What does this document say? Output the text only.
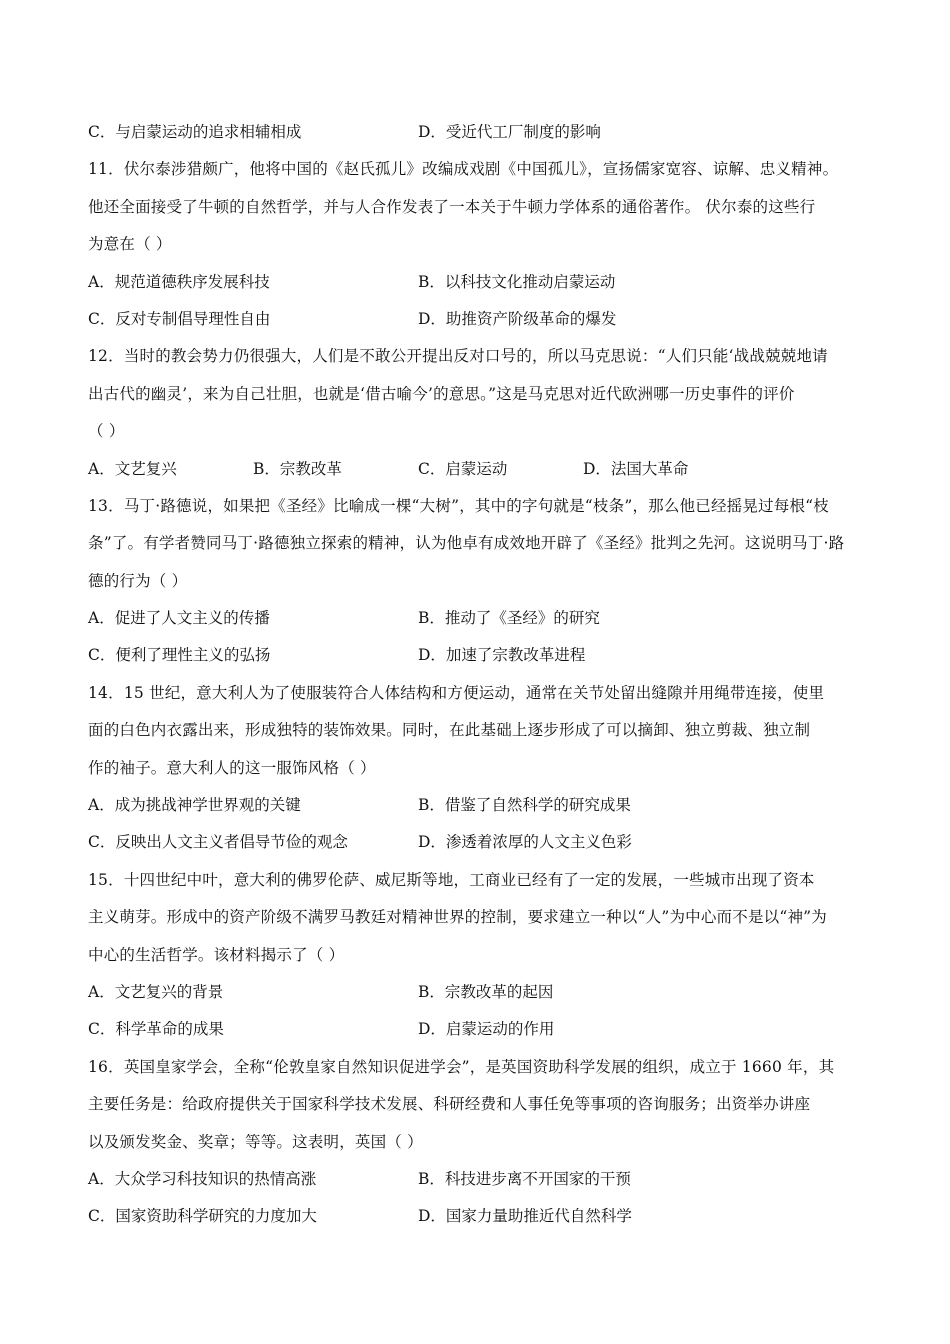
C．与启蒙运动的追求相辅相成	D．受近代工厂制度的影响
11．伏尔泰涉猎颇广，他将中国的《赵氏孤儿》改编成戏剧《中国孤儿》，宣扬儒家宽容、谅解、忠义精神。
他还全面接受了牛顿的自然哲学，并与人合作发表了一本关于牛顿力学体系的通俗著作。 伏尔泰的这些行
为意在（ ）
A．规范道德秩序发展科技	B．以科技文化推动启蒙运动
C．反对专制倡导理性自由	D．助推资产阶级革命的爆发
12．当时的教会势力仍很强大，人们是不敢公开提出反对口号的，所以马克思说：“人们只能‘战战兢兢地请
出古代的幽灵’，来为自己壮胆，也就是‘借古喻今’的意思。”这是马克思对近代欧洲哪一历史事件的评价
（ ）
A．文艺复兴	B．宗教改革	C．启蒙运动	D．法国大革命
13．马丁·路德说，如果把《圣经》比喻成一棵“大树”，其中的字句就是“枝条”，那么他已经摇晃过每根“枝
条”了。有学者赞同马丁·路德独立探索的精神，认为他卓有成效地开辟了《圣经》批判之先河。这说明马丁·路
德的行为（ ）
A．促进了人文主义的传播	B．推动了《圣经》的研究
C．便利了理性主义的弘扬	D．加速了宗教改革进程
14．15 世纪，意大利人为了使服装符合人体结构和方便运动，通常在关节处留出缝隙并用绳带连接，使里
面的白色内衣露出来，形成独特的装饰效果。同时，在此基础上逐步形成了可以摘卸、独立剪裁、独立制
作的袖子。意大利人的这一服饰风格（ ）
A．成为挑战神学世界观的关键	B．借鉴了自然科学的研究成果
C．反映出人文主义者倡导节俭的观念	D．渗透着浓厚的人文主义色彩
15．十四世纪中叶，意大利的佛罗伦萨、威尼斯等地，工商业已经有了一定的发展，一些城市出现了资本
主义萌芽。形成中的资产阶级不满罗马教廷对精神世界的控制，要求建立一种以“人”为中心而不是以“神”为
中心的生活哲学。该材料揭示了（ ）
A．文艺复兴的背景	B．宗教改革的起因
C．科学革命的成果	D．启蒙运动的作用
16．英国皇家学会，全称“伦敦皇家自然知识促进学会”，是英国资助科学发展的组织，成立于 1660 年，其
主要任务是：给政府提供关于国家科学技术发展、科研经费和人事任免等事项的咨询服务；出资举办讲座
以及颁发奖金、奖章；等等。这表明，英国（ ）
A．大众学习科技知识的热情高涨	B．科技进步离不开国家的干预
C．国家资助科学研究的力度加大	D．国家力量助推近代自然科学
